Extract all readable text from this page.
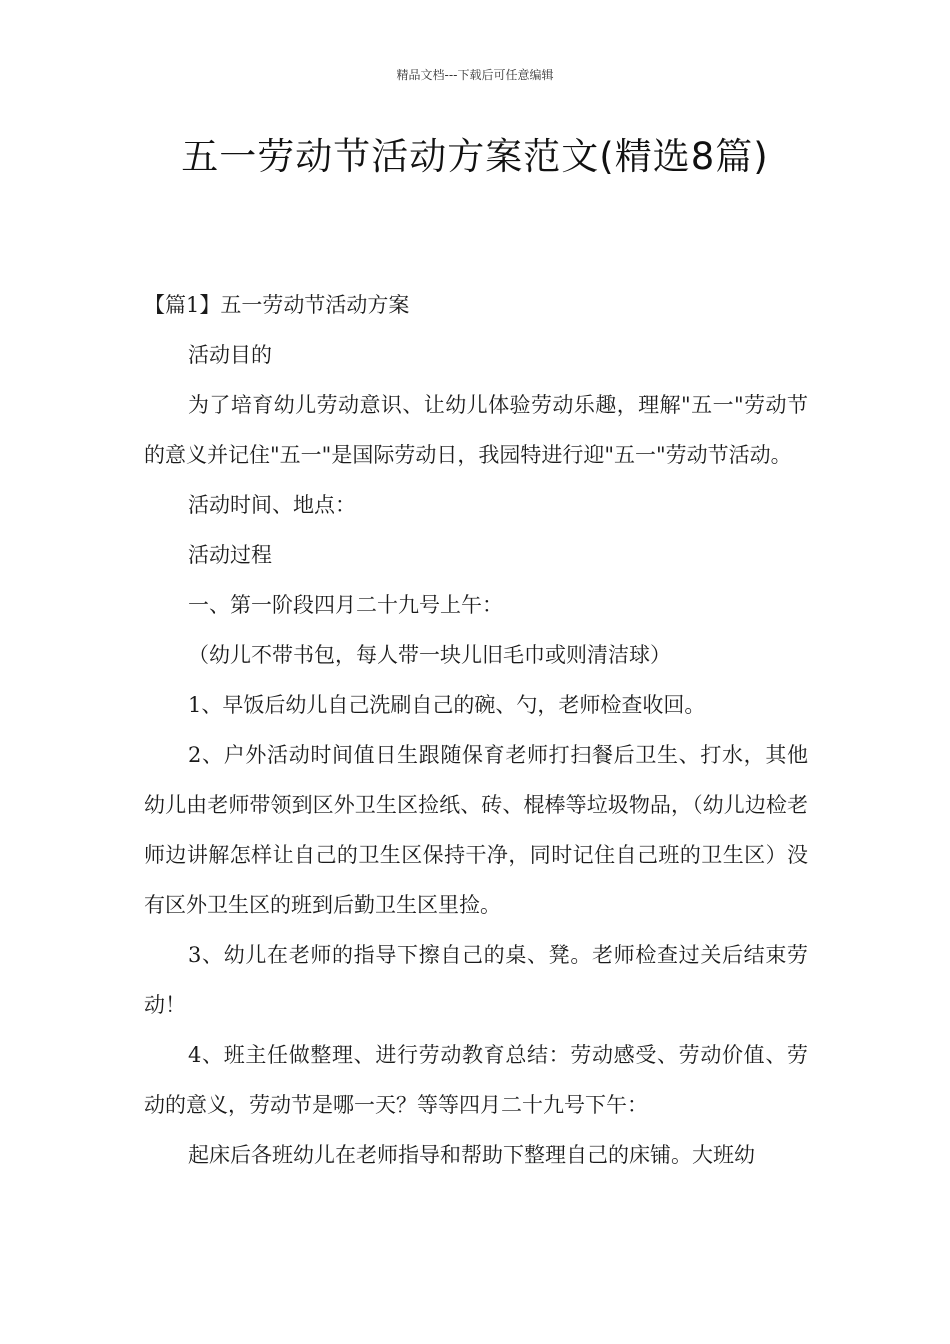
精品文档---下载后可任意编辑
五一劳动节活动方案范文(精选8篇)

【篇1】五一劳动节活动方案

活动目的

为了培育幼儿劳动意识、让幼儿体验劳动乐趣，理解"五一"劳动节的意义并记住"五一"是国际劳动日，我园特进行迎"五一"劳动节活动。

活动时间、地点：

活动过程

一、第一阶段四月二十九号上午：

（幼儿不带书包，每人带一块儿旧毛巾或则清洁球）

1、早饭后幼儿自己洗刷自己的碗、勺，老师检查收回。

2、户外活动时间值日生跟随保育老师打扫餐后卫生、打水，其他幼儿由老师带领到区外卫生区捡纸、砖、棍棒等垃圾物品，（幼儿边检老师边讲解怎样让自己的卫生区保持干净，同时记住自己班的卫生区）没有区外卫生区的班到后勤卫生区里捡。

3、幼儿在老师的指导下擦自己的桌、凳。老师检查过关后结束劳动！

4、班主任做整理、进行劳动教育总结：劳动感受、劳动价值、劳动的意义，劳动节是哪一天？等等四月二十九号下午：

起床后各班幼儿在老师指导和帮助下整理自己的床铺。大班幼
